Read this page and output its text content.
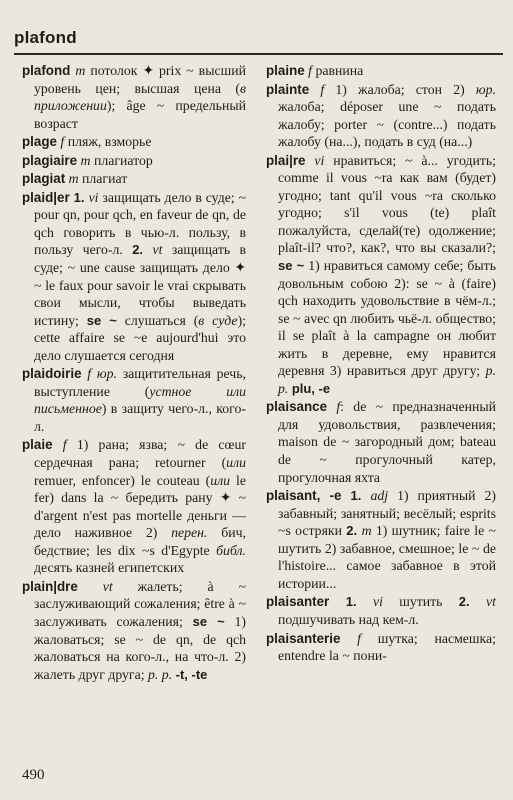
plafond

plafond m потолок ✦ prix ~ высший уровень цен; высшая цена (в приложении); âge ~ предельный возраст

plage f пляж, взморье

plagiaire m плагиатор

plagiat m плагиат

plaid|er 1. vi защищать дело в суде; ~ pour qn, pour qch, en faveur de qn, de qch говорить в чью-л. пользу, в пользу чего-л. 2. vt защищать в суде; ~ une cause защищать дело ✦ ~ le faux pour savoir le vrai скрывать свои мысли, чтобы выведать истину; se ~ слушаться (в суде); cette affaire se ~e aujourd'hui это дело слушается сегодня

plaidoirie f юр. защитительная речь, выступление (устное или письменное) в защиту чего-л., кого-л.

plaie f 1) рана; язва; ~ de cœur сердечная рана; retourner (или remuer, enfoncer) le couteau (или le fer) dans la ~ бередить рану ✦ ~ d'argent n'est pas mortelle деньги — дело наживное 2) перен. бич, бедствие; les dix ~s d'Egypte библ. десять казней египетских

plain|dre vt жалеть; à ~ заслуживающий сожаления; être à ~ заслуживать сожаления; se ~ 1) жаловаться; se ~ de qn, de qch жаловаться на кого-л., на что-л. 2) жалеть друг друга; p. p. -t, -te

plaine f равнина

plainte f 1) жалоба; стон 2) юр. жалоба; déposer une ~ подать жалобу; porter ~ (contre...) подать жалобу (на...), подать в суд (на...)

plai|re vi нравиться; ~ à... угодить; comme il vous ~ra как вам (будет) угодно; tant qu'il vous ~ra сколько угодно; s'il vous (te) plaît пожалуйста, сделай(те) одолжение; plaît-il? что?, как?, что вы сказали?; se ~ 1) нравиться самому себе; быть довольным собою 2): se ~ à (faire) qch находить удовольствие в чём-л.; se ~ avec qn любить чьё-л. общество; il se plaît à la campagne он любит жить в деревне, ему нравится деревня 3) нравиться друг другу; p. p. plu, -e

plaisance f: de ~ предназначенный для удовольствия, развлечения; maison de ~ загородный дом; bateau de ~ прогулочный катер, прогулочная яхта

plaisant, -e 1. adj 1) приятный 2) забавный; занятный; весёлый; esprits ~s остряки 2. m 1) шутник; faire le ~ шутить 2) забавное, смешное; le ~ de l'histoire... самое забавное в этой истории...

plaisanter 1. vi шутить 2. vt подшучивать над кем-л.

plaisanterie f шутка; насмешка; entendre la ~ пони-

490
